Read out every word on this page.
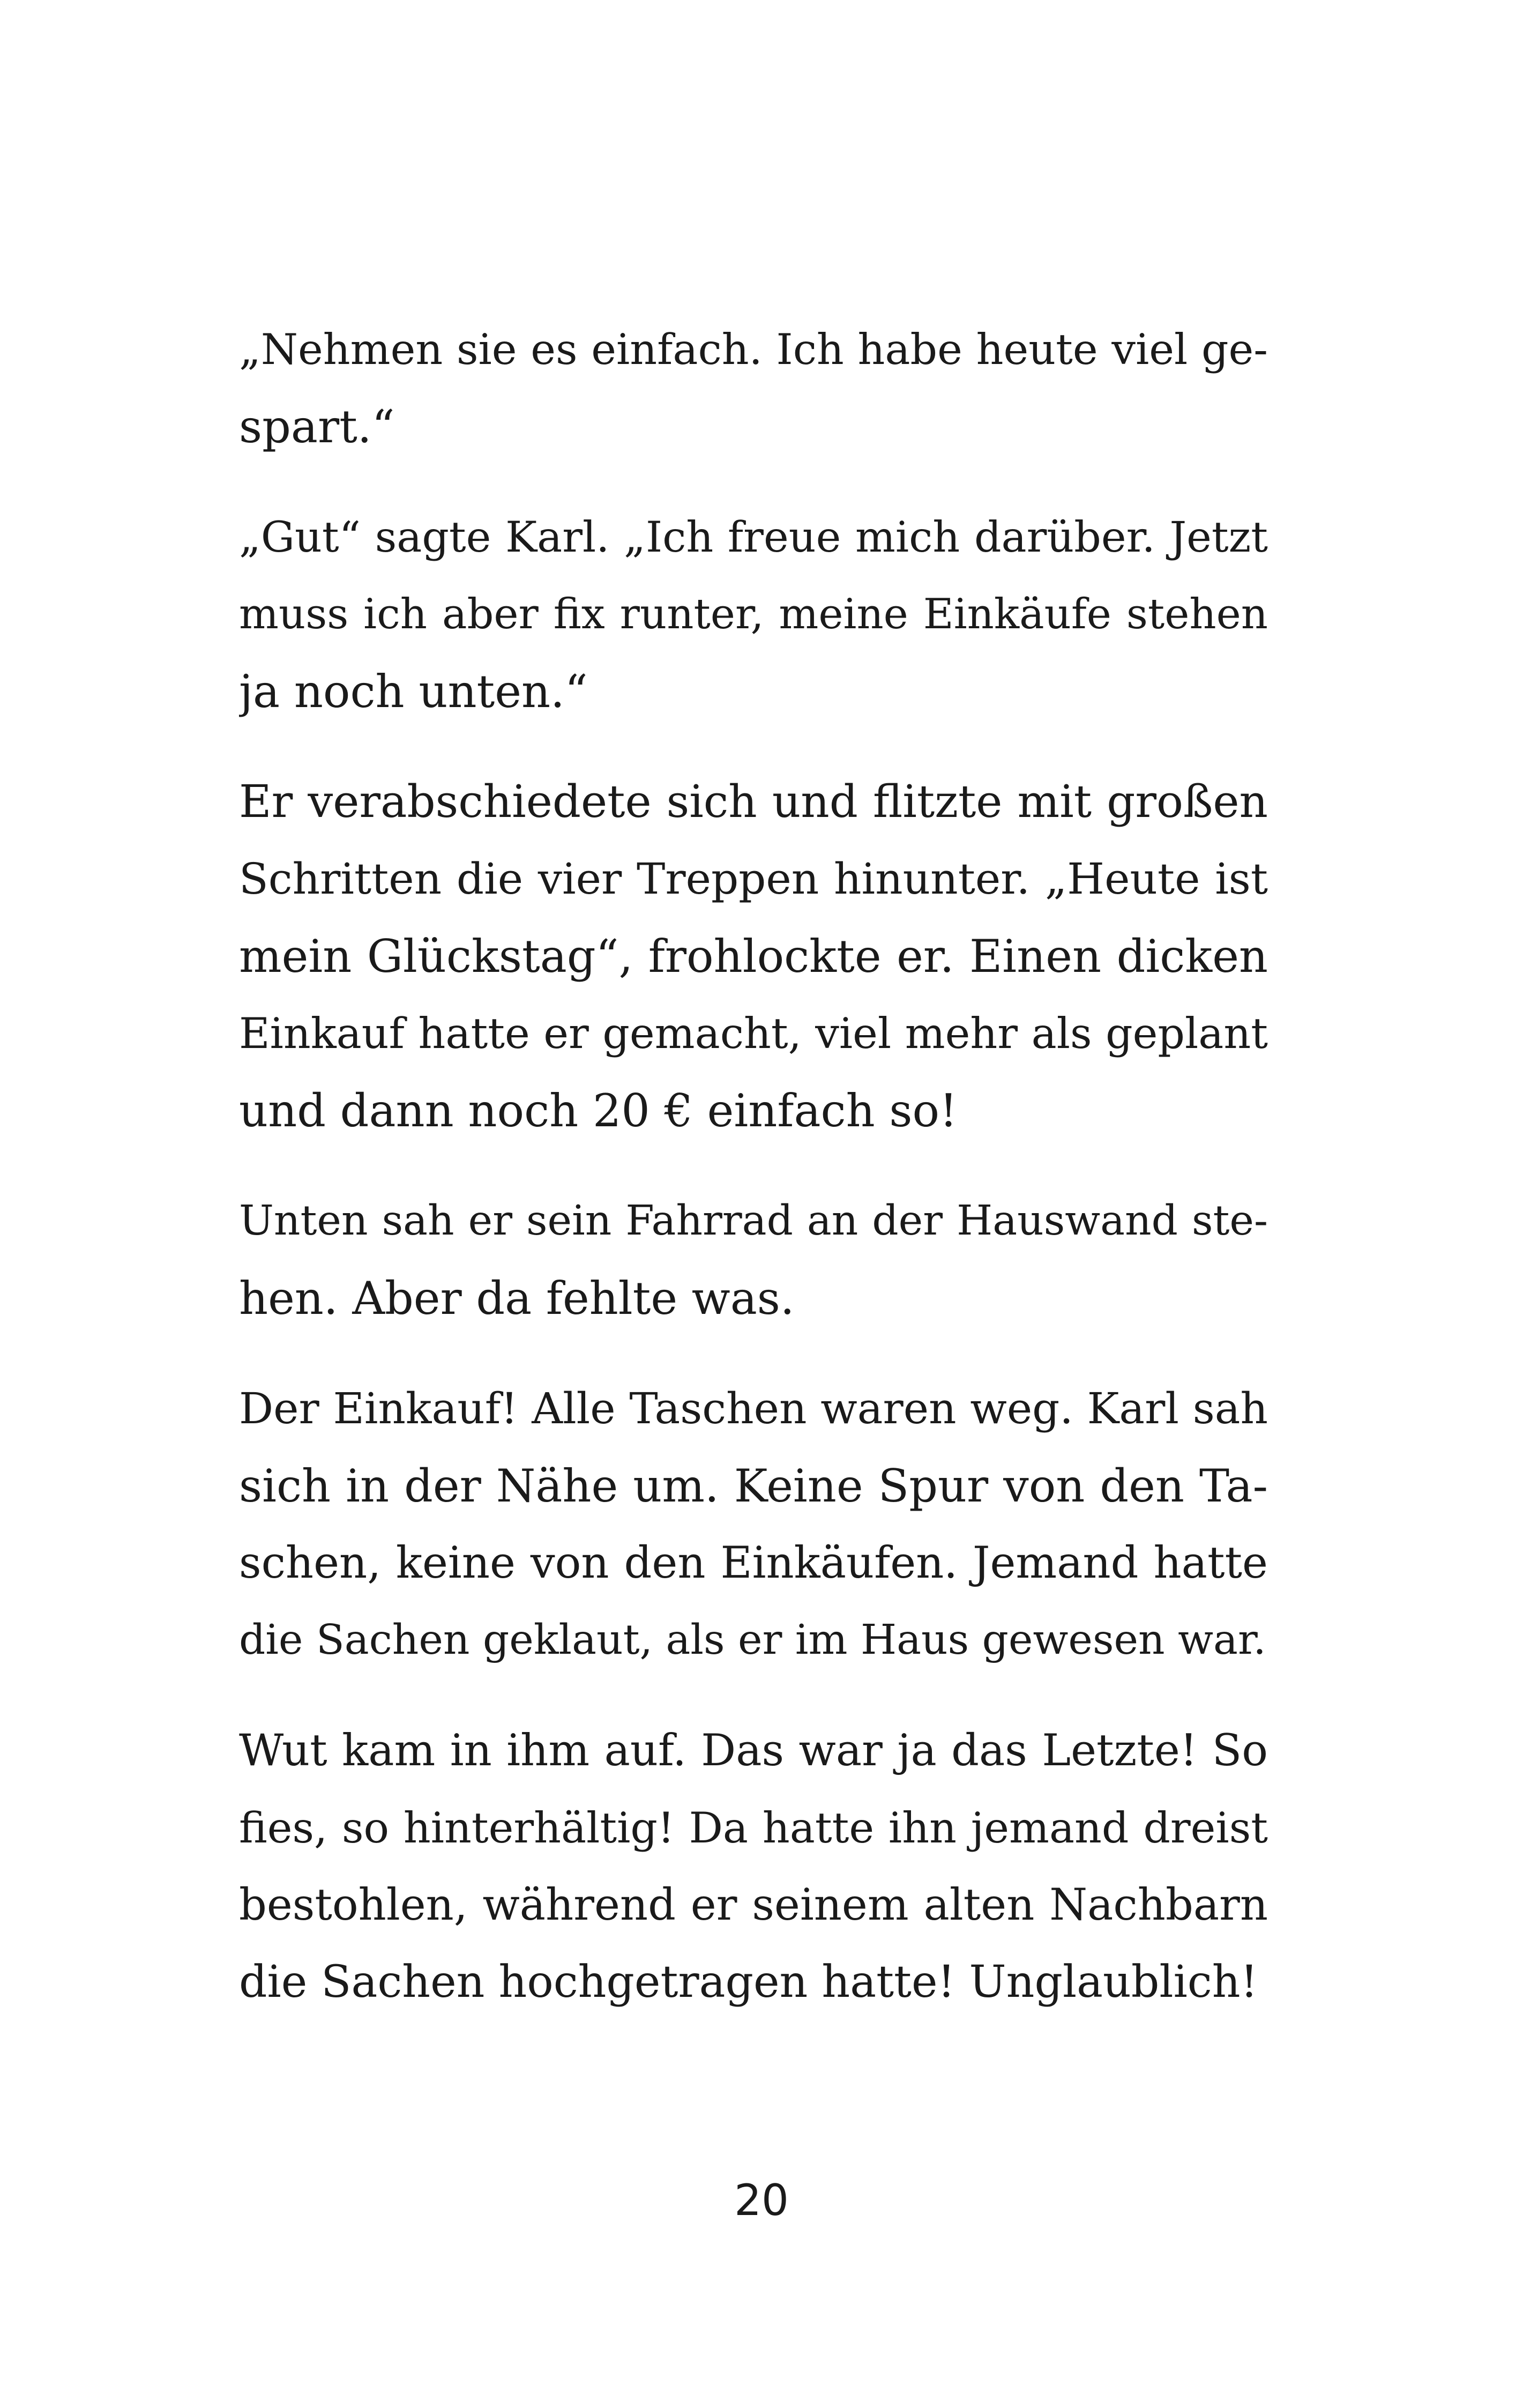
„Nehmen sie es einfach. Ich habe heute viel ge-
spart.“
„Gut“ sagte Karl. „Ich freue mich darüber. Jetzt
muss ich aber fix runter, meine Einkäufe stehen
ja noch unten.“
Er verabschiedete sich und flitzte mit großen
Schritten die vier Treppen hinunter. „Heute ist
mein Glückstag“, frohlockte er. Einen dicken
Einkauf hatte er gemacht, viel mehr als geplant
und dann noch 20 € einfach so!
Unten sah er sein Fahrrad an der Hauswand ste-
hen. Aber da fehlte was.
Der Einkauf! Alle Taschen waren weg. Karl sah
sich in der Nähe um. Keine Spur von den Ta-
schen, keine von den Einkäufen. Jemand hatte
die Sachen geklaut, als er im Haus gewesen war.
Wut kam in ihm auf. Das war ja das Letzte! So
fies, so hinterhältig! Da hatte ihn jemand dreist
bestohlen, während er seinem alten Nachbarn
die Sachen hochgetragen hatte! Unglaublich!
20
